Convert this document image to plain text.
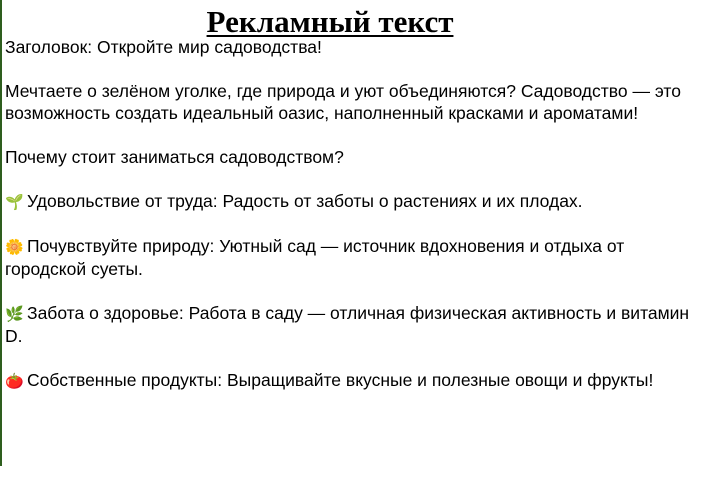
Рекламный текст

Заголовок: Откройте мир садоводства!

Мечтаете о зелёном уголке, где природа и уют объединяются? Садоводство — это возможность создать идеальный оазис, наполненный красками и ароматами!

Почему стоит заниматься садоводством?

🌱 Удовольствие от труда: Радость от заботы о растениях и их плодах.

🌼 Почувствуйте природу: Уютный сад — источник вдохновения и отдыха от городской суеты.

🌿 Забота о здоровье: Работа в саду — отличная физическая активность и витамин D.

🍅 Собственные продукты: Выращивайте вкусные и полезные овощи и фрукты!
